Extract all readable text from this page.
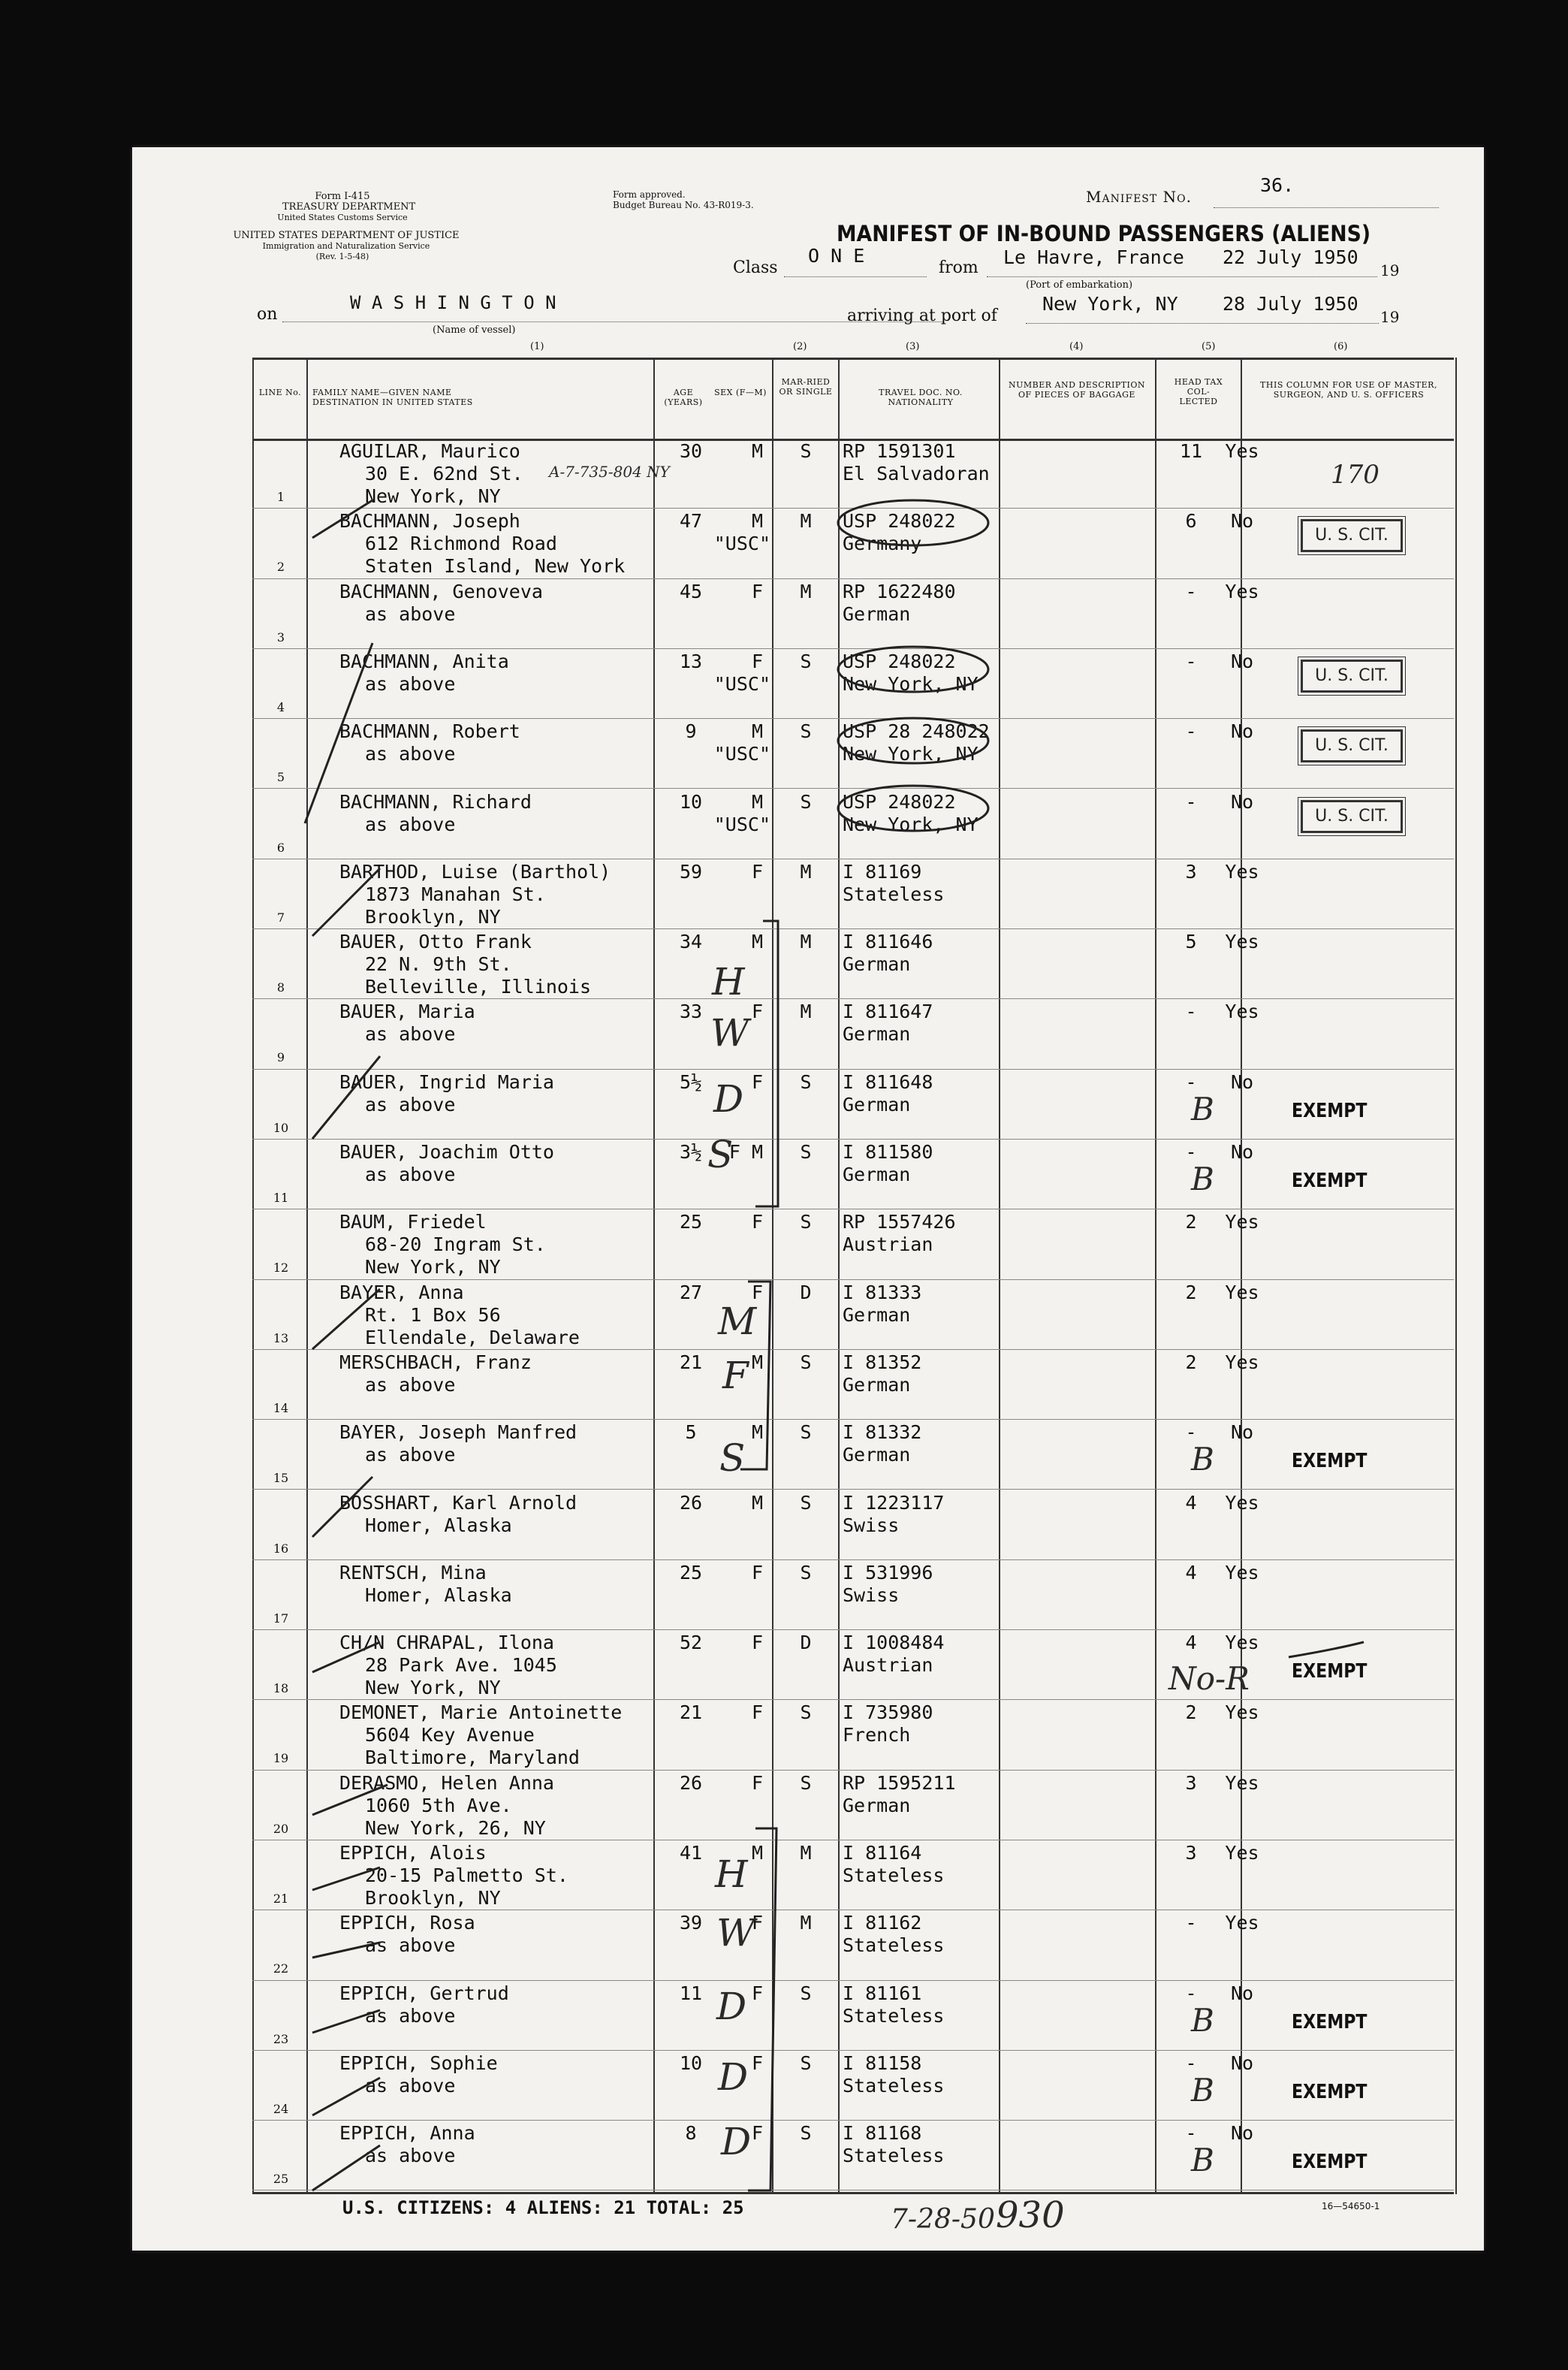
Form I-415
TREASURY DEPARTMENT
United States Customs Service
UNITED STATES DEPARTMENT OF JUSTICE
Immigration and Naturalization Service
(Rev. 1-5-48)
Form approved.
Budget Bureau No. 43-R019-3.	Manifest No.
36.
MANIFEST OF IN-BOUND PASSENGERS (ALIENS)
Class
O N E
from Le Havre, France 22 July 1950
19
(Port of embarkation)
on
W A S H I N G T O N
(Name of vessel)
arriving at port of
New York, NY 28 July 1950
19
(1)	(2)	(3)	(4)	(5)	(6)
LINE No.	FAMILY NAME—GIVEN NAME DESTINATION IN UNITED STATES
AGE (YEARS)
SEX (F—M)
MAR-RIED OR SINGLE	TRAVEL DOC. NO. NATIONALITY
NUMBER AND DESCRIPTION OF PIECES OF BAGGAGE
HEAD TAX COL-LECTED
THIS COLUMN FOR USE OF MASTER, SURGEON, AND U. S. OFFICERS
1
AGUILAR, Maurico
30 E. 62nd St.
New York, NY
30	M	S	RP 1591301
El Salvadoran
11	Yes
A-7-735-804 NY	170
2
BACHMANN, Joseph
612 Richmond Road
Staten Island, New York
47	M
"USC"
M	USP 248022
Germany
6	No
U. S. CIT.
3
BACHMANN, Genoveva
as above
45	F	M	RP 1622480
German
-	Yes
4
BACHMANN, Anita
as above
13	F
"USC"
S	USP 248022
New York, NY
-	No
U. S. CIT.
5
BACHMANN, Robert
as above
9	M
"USC"
S	USP 28 248022
New York, NY
-	No
U. S. CIT.
6
BACHMANN, Richard
as above
10	M
"USC"
S	USP 248022
New York, NY
-	No
U. S. CIT.
7
BARTHOD, Luise (Barthol)
1873 Manahan St.
Brooklyn, NY
59	F	M	I 81169
Stateless
3	Yes
8
BAUER, Otto Frank
22 N. 9th St.
Belleville, Illinois
34	M	M	I 811646
German
5	Yes
9
BAUER, Maria
as above
33	F	M	I 811647
German
-	Yes
10
BAUER, Ingrid Maria
as above
5½	F	S	I 811648
German
-	No
B	EXEMPT
11
BAUER, Joachim Otto
as above
3½	F M	S	I 811580
German
-	No
B	EXEMPT
12
BAUM, Friedel
68-20 Ingram St.
New York, NY
25	F	S	RP 1557426
Austrian
2	Yes
13
BAYER, Anna
Rt. 1 Box 56
Ellendale, Delaware
27	F	D	I 81333
German
2	Yes
14
MERSCHBACH, Franz
as above
21	M	S	I 81352
German
2	Yes
15
BAYER, Joseph Manfred
as above
5	M	S	I 81332
German
-	No
B	EXEMPT
16
BOSSHART, Karl Arnold
Homer, Alaska
26	M	S	I 1223117
Swiss
4	Yes
17
RENTSCH, Mina
Homer, Alaska
25	F	S	I 531996
Swiss
4	Yes
18
CH/N CHRAPAL, Ilona
28 Park Ave. 1045
New York, NY
52	F	D	I 1008484
Austrian
4	Yes
No-R EXEMPT
19
DEMONET, Marie Antoinette
5604 Key Avenue
Baltimore, Maryland
21	F	S	I 735980
French
2	Yes
20
DERASMO, Helen Anna
1060 5th Ave.
New York, 26, NY
26	F	S	RP 1595211
German
3	Yes
21
EPPICH, Alois
20-15 Palmetto St.
Brooklyn, NY
41	M	M	I 81164
Stateless
3	Yes
22
EPPICH, Rosa
as above
39	F	M	I 81162
Stateless
-	Yes
23
EPPICH, Gertrud
as above
11	F	S	I 81161
Stateless
-	No
B	EXEMPT
24
EPPICH, Sophie
as above
10	F	S	I 81158
Stateless
-	No
B	EXEMPT
25
EPPICH, Anna
as above
8	F	S	I 81168
Stateless
-	No
B	EXEMPT
H
W
D
S
M
F
S
H
W
D
D
D
U.S. CITIZENS: 4 ALIENS: 21 TOTAL: 25	7-28-50 930	16—54650-1
